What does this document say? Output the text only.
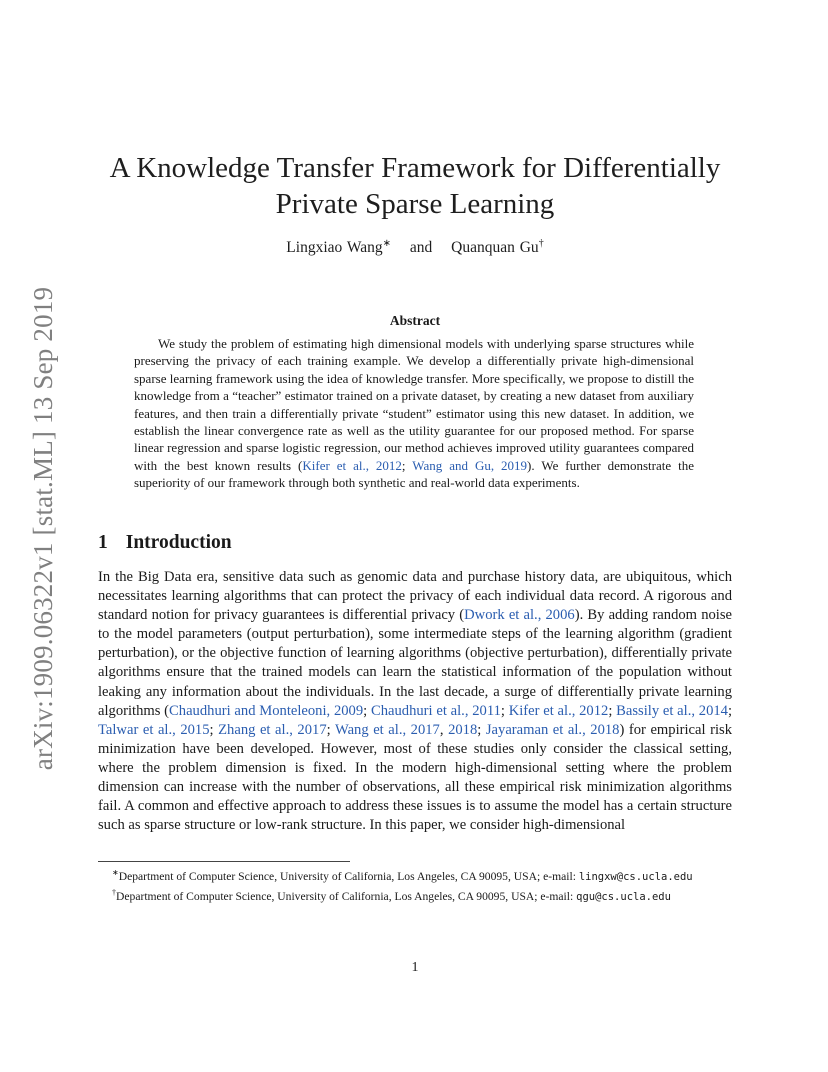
arXiv:1909.06322v1 [stat.ML] 13 Sep 2019
A Knowledge Transfer Framework for Differentially
Private Sparse Learning
Lingxiao Wang∗ and Quanquan Gu†
Abstract
We study the problem of estimating high dimensional models with underlying sparse structures while preserving the privacy of each training example. We develop a differentially private high-dimensional sparse learning framework using the idea of knowledge transfer. More specifically, we propose to distill the knowledge from a “teacher” estimator trained on a private dataset, by creating a new dataset from auxiliary features, and then train a differentially private “student” estimator using this new dataset. In addition, we establish the linear convergence rate as well as the utility guarantee for our proposed method. For sparse linear regression and sparse logistic regression, our method achieves improved utility guarantees compared with the best known results (Kifer et al., 2012; Wang and Gu, 2019). We further demonstrate the superiority of our framework through both synthetic and real-world data experiments.
1 Introduction
In the Big Data era, sensitive data such as genomic data and purchase history data, are ubiquitous, which necessitates learning algorithms that can protect the privacy of each individual data record. A rigorous and standard notion for privacy guarantees is differential privacy (Dwork et al., 2006). By adding random noise to the model parameters (output perturbation), some intermediate steps of the learning algorithm (gradient perturbation), or the objective function of learning algorithms (objective perturbation), differentially private algorithms ensure that the trained models can learn the statistical information of the population without leaking any information about the individuals. In the last decade, a surge of differentially private learning algorithms (Chaudhuri and Monteleoni, 2009; Chaudhuri et al., 2011; Kifer et al., 2012; Bassily et al., 2014; Talwar et al., 2015; Zhang et al., 2017; Wang et al., 2017, 2018; Jayaraman et al., 2018) for empirical risk minimization have been developed. However, most of these studies only consider the classical setting, where the problem dimension is fixed. In the modern high-dimensional setting where the problem dimension can increase with the number of observations, all these empirical risk minimization algorithms fail. A common and effective approach to address these issues is to assume the model has a certain structure such as sparse structure or low-rank structure. In this paper, we consider high-dimensional
∗Department of Computer Science, University of California, Los Angeles, CA 90095, USA; e-mail: lingxw@cs.ucla.edu
†Department of Computer Science, University of California, Los Angeles, CA 90095, USA; e-mail: qgu@cs.ucla.edu
1
